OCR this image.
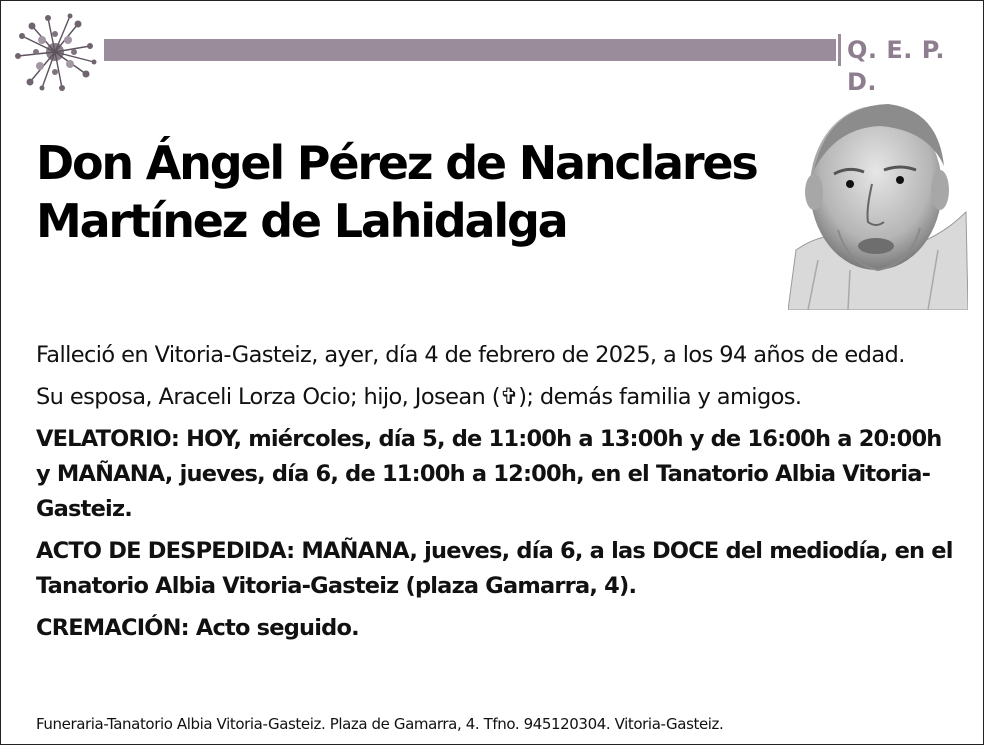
Q. E. P. D.
Don Ángel Pérez de Nanclares
Martínez de Lahidalga

Falleció en Vitoria-Gasteiz, ayer, día 4 de febrero de 2025, a los 94 años de edad.

Su esposa, Araceli Lorza Ocio; hijo, Josean (✞); demás familia y amigos.

VELATORIO: HOY, miércoles, día 5, de 11:00h a 13:00h y de 16:00h a 20:00h y MAÑANA, jueves, día 6, de 11:00h a 12:00h, en el Tanatorio Albia Vitoria-Gasteiz.

ACTO DE DESPEDIDA: MAÑANA, jueves, día 6, a las DOCE del mediodía, en el Tanatorio Albia Vitoria-Gasteiz (plaza Gamarra, 4).

CREMACIÓN: Acto seguido.

Funeraria-Tanatorio Albia Vitoria-Gasteiz. Plaza de Gamarra, 4. Tfno. 945120304. Vitoria-Gasteiz.
